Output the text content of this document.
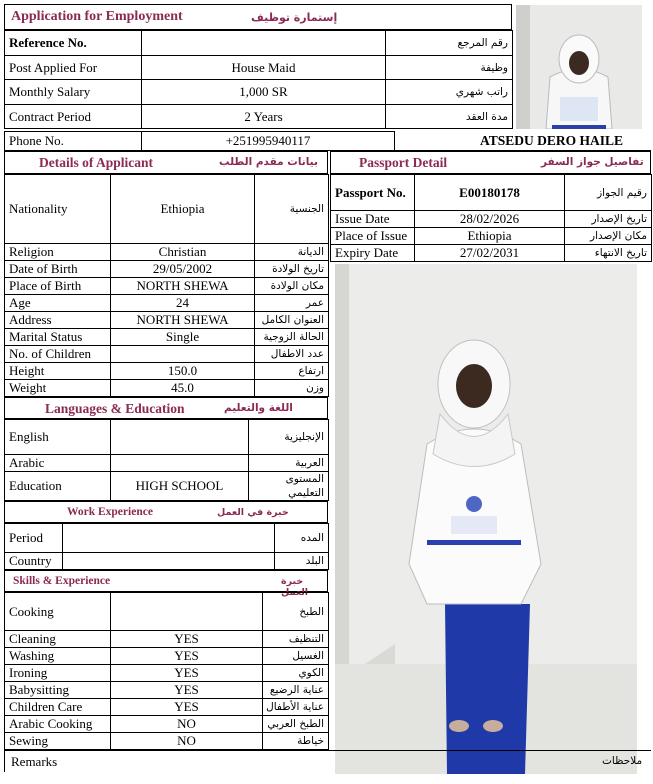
Application for Employment	إستمارة توظيف
Reference No.		رقم المرجع
Post Applied For	House Maid	وظيفة
Monthly Salary	1,000 SR	راتب شهري
Contract Period	2 Years	مدة العقد
Phone No.	+251995940117	ATSEDU DERO HAILE
Details of Applicant	بيانات مقدم الطلب
Nationality	Ethiopia	الجنسية
Religion	Christian	الديانة
Date of Birth	29/05/2002	تاريخ الولادة
Place of Birth	NORTH SHEWA	مكان الولادة
Age	24	عمر
Address	NORTH SHEWA	العنوان الكامل
Marital Status	Single	الحالة الزوجية
No. of Children		عدد الاطفال
Height	150.0	ارتفاع
Weight	45.0	وزن
Passport Detail	تفاصيل جواز السفر
Passport No.	E00180178	رقيم الجواز
Issue Date	28/02/2026	تاريخ الإصدار
Place of Issue	Ethiopia	مكان الإصدار
Expiry Date	27/02/2031	تاريخ الانتهاء
Languages & Education	اللغة والتعليم
English		الإنجليزية
Arabic		العربية
Education	HIGH SCHOOL	المستوى التعليمي
Work Experience	خبرة في العمل
Period		المده
Country		البلد
Skills & Experience	خبرة العمل
Cooking		الطبخ
Cleaning	YES	التنظيف
Washing	YES	الغسيل
Ironing	YES	الكوي
Babysitting	YES	عناية الرضيع
Children Care	YES	عناية الأطفال
Arabic Cooking	NO	الطبخ العربي
Sewing	NO	خياطة
Remarks	ملاحظات
